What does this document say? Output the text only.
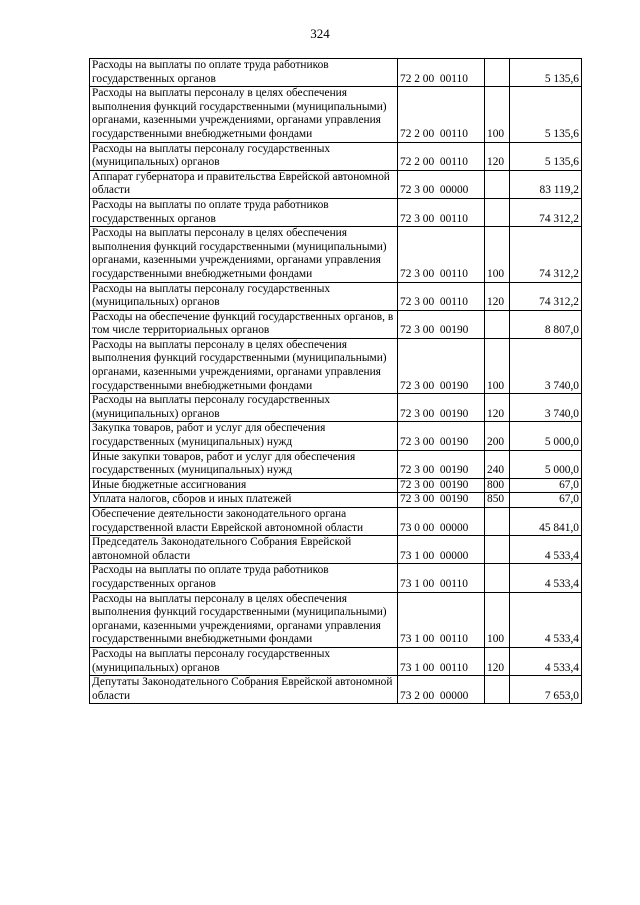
324
Расходы на выплаты по оплате труда работников государственных органов	72 2 00  00110		5 135,6
Расходы на выплаты персоналу в целях обеспечения выполнения функций государственными (муниципальными) органами, казенными учреждениями, органами управления государственными внебюджетными фондами	72 2 00  00110	100	5 135,6
Расходы на выплаты персоналу государственных (муниципальных) органов	72 2 00  00110	120	5 135,6
Аппарат губернатора и правительства Еврейской автономной области	72 3 00  00000		83 119,2
Расходы на выплаты по оплате труда работников государственных органов	72 3 00  00110		74 312,2
Расходы на выплаты персоналу в целях обеспечения выполнения функций государственными (муниципальными) органами, казенными учреждениями, органами управления государственными внебюджетными фондами	72 3 00  00110	100	74 312,2
Расходы на выплаты персоналу государственных (муниципальных) органов	72 3 00  00110	120	74 312,2
Расходы на обеспечение функций государственных органов, в том числе территориальных органов	72 3 00  00190		8 807,0
Расходы на выплаты персоналу в целях обеспечения выполнения функций государственными (муниципальными) органами, казенными учреждениями, органами управления государственными внебюджетными фондами	72 3 00  00190	100	3 740,0
Расходы на выплаты персоналу государственных (муниципальных) органов	72 3 00  00190	120	3 740,0
Закупка товаров, работ и услуг для обеспечения государственных (муниципальных) нужд	72 3 00  00190	200	5 000,0
Иные закупки товаров, работ и услуг для обеспечения государственных (муниципальных) нужд	72 3 00  00190	240	5 000,0
Иные бюджетные ассигнования	72 3 00  00190	800	67,0
Уплата налогов, сборов и иных платежей	72 3 00  00190	850	67,0
Обеспечение деятельности законодательного органа государственной власти Еврейской автономной области	73 0 00  00000		45 841,0
Председатель Законодательного Собрания Еврейской автономной области	73 1 00  00000		4 533,4
Расходы на выплаты по оплате труда работников государственных органов	73 1 00  00110		4 533,4
Расходы на выплаты персоналу в целях обеспечения выполнения функций государственными (муниципальными) органами, казенными учреждениями, органами управления государственными внебюджетными фондами	73 1 00  00110	100	4 533,4
Расходы на выплаты персоналу государственных (муниципальных) органов	73 1 00  00110	120	4 533,4
Депутаты Законодательного Собрания Еврейской автономной области	73 2 00  00000		7 653,0
